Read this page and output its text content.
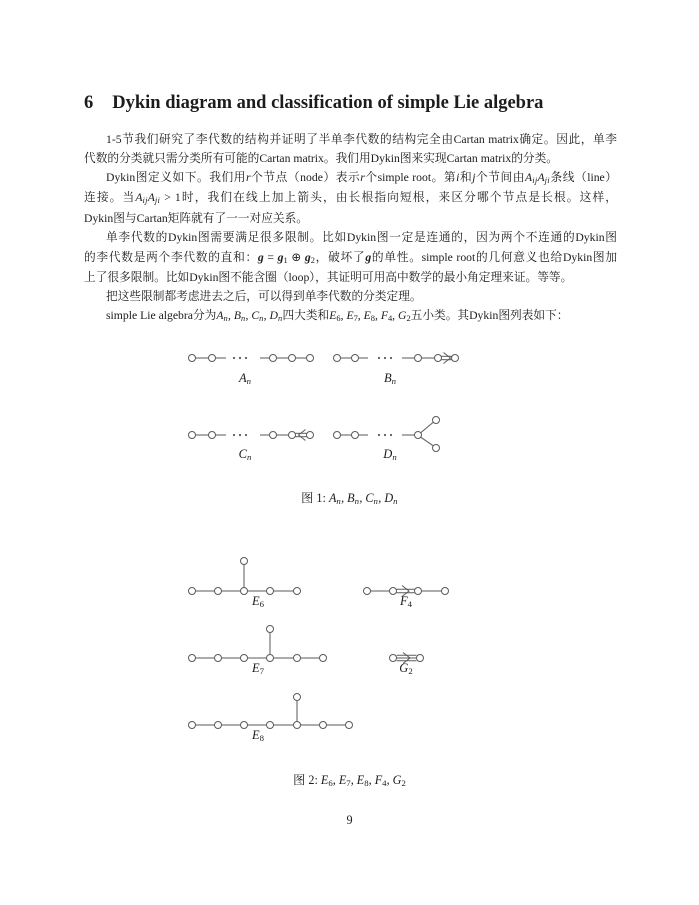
6 Dykin diagram and classification of simple Lie algebra
1-5节我们研究了李代数的结构并证明了半单李代数的结构完全由Cartan matrix确定。因此，单李
代数的分类就只需分类所有可能的Cartan matrix。我们用Dykin图来实现Cartan matrix的分类。
Dykin图定义如下。我们用r个节点（node）表示r个simple root。第i和j个节间由AijAji条线（line）
连接。当AijAji > 1时，我们在线上加上箭头，由长根指向短根，来区分哪个节点是长根。这样，
Dykin图与Cartan矩阵就有了一一对应关系。
单李代数的Dykin图需要满足很多限制。比如Dykin图一定是连通的，因为两个不连通的Dykin图
的李代数是两个李代数的直和：g = g1 ⊕ g2，破坏了g的单性。simple root的几何意义也给Dykin图加
上了很多限制。比如Dykin图不能含圈（loop），其证明可用高中数学的最小角定理来证。等等。
把这些限制都考虑进去之后，可以得到单李代数的分类定理。
simple Lie algebra分为An, Bn, Cn, Dn四大类和E6, E7, E8, F4, G2五小类。其Dykin图列表如下：
An	Bn
Cn	Dn
图 1: An, Bn, Cn, Dn
E6	F4
E7	G2
E8
图 2: E6, E7, E8, F4, G2
9
